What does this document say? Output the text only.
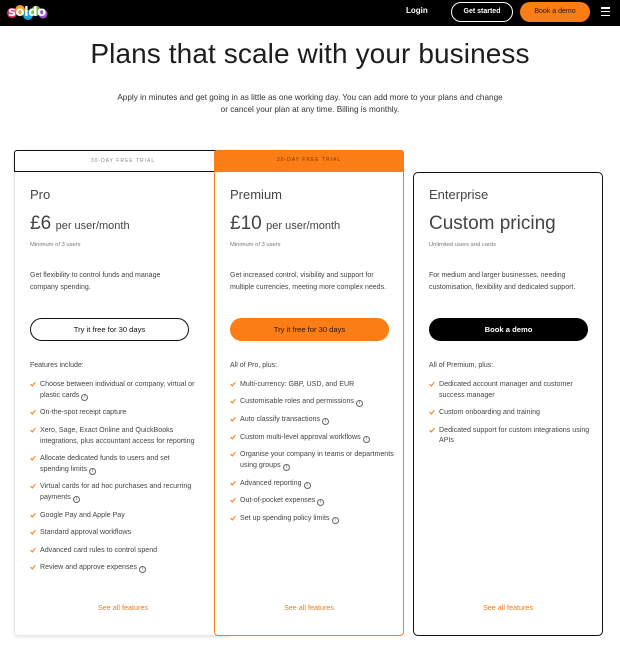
soldo	Login	Get started	Book a demo
Plans that scale with your business

Apply in minutes and get going in as little as one working day. You can add more to your plans and change or cancel your plan at any time. Billing is monthly.

30-DAY FREE TRIAL
Pro
£6 per user/month
Minimum of 3 users
Get flexibility to control funds and manage company spending.
Try it free for 30 days
Features include:
Choose between individual or company, virtual or plastic cards i
On-the-spot receipt capture
Xero, Sage, Exact Online and QuickBooks integrations, plus accountant access for reporting
Allocate dedicated funds to users and set spending limits i
Virtual cards for ad hoc purchases and recurring payments i
Google Pay and Apple Pay
Standard approval workflows
Advanced card rules to control spend
Review and approve expenses i
See all features
30-DAY FREE TRIAL
Premium
£10 per user/month
Minimum of 3 users
Get increased control, visibility and support for multiple currencies, meeting more complex needs.
Try it free for 30 days
All of Pro, plus:
Multi-currency: GBP, USD, and EUR
Customisable roles and permissions i
Auto classify transactions i
Custom multi-level approval workflows i
Organise your company in teams or departments using groups i
Advanced reporting i
Out-of-pocket expenses i
Set up spending policy limits i
See all features
Enterprise
Custom pricing
Unlimited users and cards
For medium and larger businesses, needing customisation, flexibility and dedicated support.
Book a demo
All of Premium, plus:
Dedicated account manager and customer success manager
Custom onboarding and training
Dedicated support for custom integrations using APIs
See all features
